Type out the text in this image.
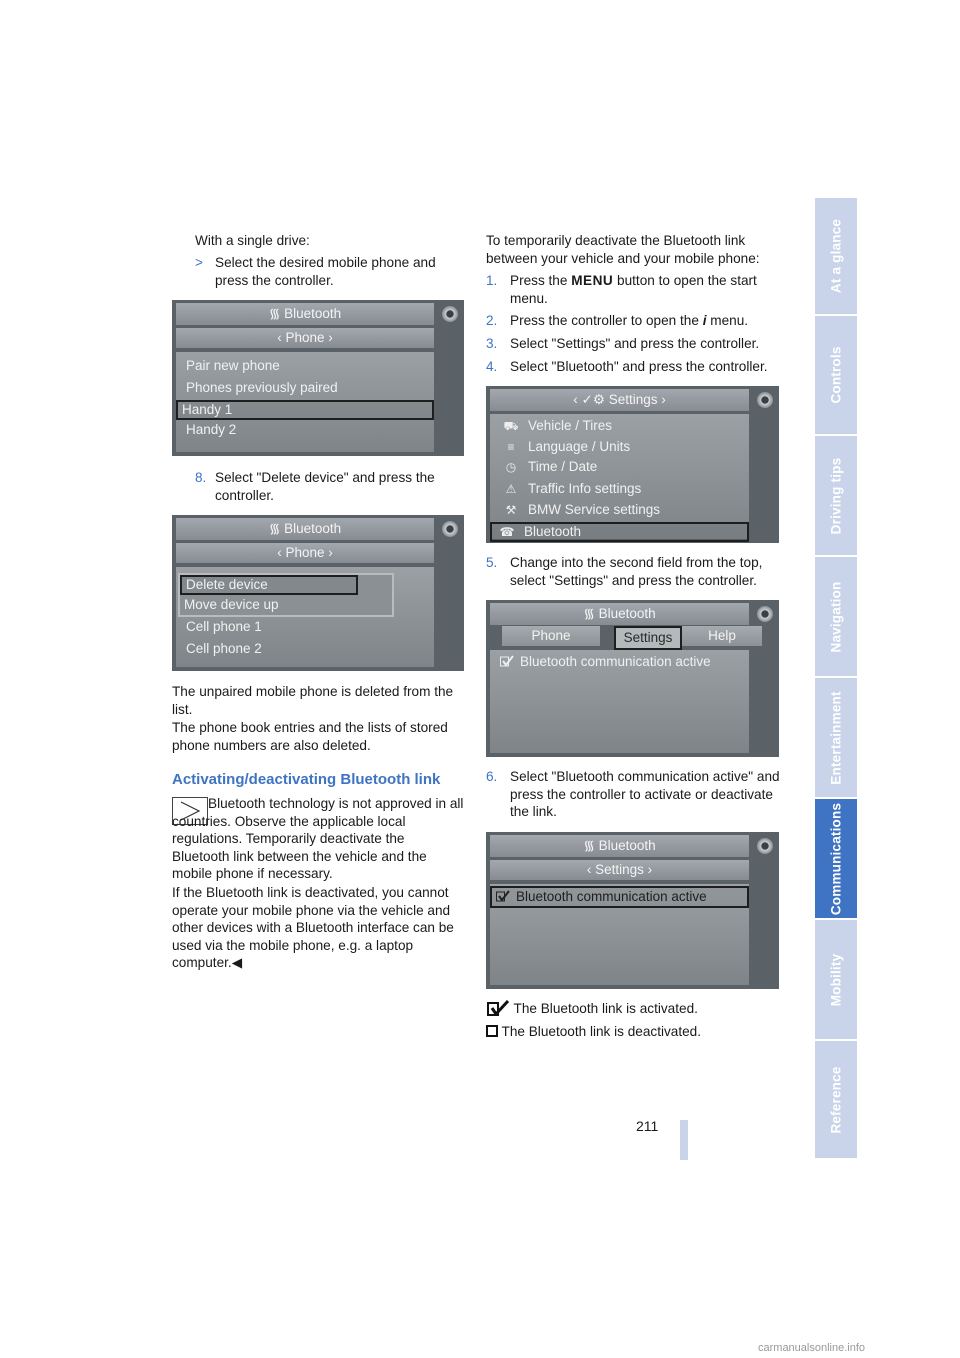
At a glance
Controls
Driving tips
Navigation
Entertainment
Communications
Mobility
Reference
211

With a single drive:

> Select the desired mobile phone and press the controller.

᯾ Bluetooth
‹ Phone ›
Pair new phone
Phones previously paired
Handy 1
Handy 2
8. Select "Delete device" and press the controller.

᯾ Bluetooth
‹ Phone ›
Delete device
Move device up
Cell phone 1
Cell phone 2

The unpaired mobile phone is deleted from the list.

The phone book entries and the lists of stored phone numbers are also deleted.

Activating/deactivating Bluetooth link

Bluetooth technology is not approved in all countries. Observe the applicable local regulations. Temporarily deactivate the Bluetooth link between the vehicle and the mobile phone if necessary.

If the Bluetooth link is deactivated, you cannot operate your mobile phone via the vehicle and other devices with a Bluetooth interface can be used via the mobile phone, e.g. a laptop computer.◀

To temporarily deactivate the Bluetooth link between your vehicle and your mobile phone:

1. Press the MENU button to open the start menu.

2. Press the controller to open the i menu.

3. Select "Settings" and press the controller.

4. Select "Bluetooth" and press the controller.

‹ ✓⚙ Settings ›
⛟ Vehicle / Tires
≡ Language / Units
◷ Time / Date
⚠ Traffic Info settings
⚒ BMW Service settings
☎ Bluetooth
5. Change into the second field from the top, select "Settings" and press the controller.

᯾ Bluetooth
Phone	Settings	Help
Bluetooth communication active
6. Select "Bluetooth communication active" and press the controller to activate or deactivate the link.

᯾ Bluetooth
‹ Settings ›
Bluetooth communication active
The Bluetooth link is activated.
The Bluetooth link is deactivated.
carmanualsonline.info
